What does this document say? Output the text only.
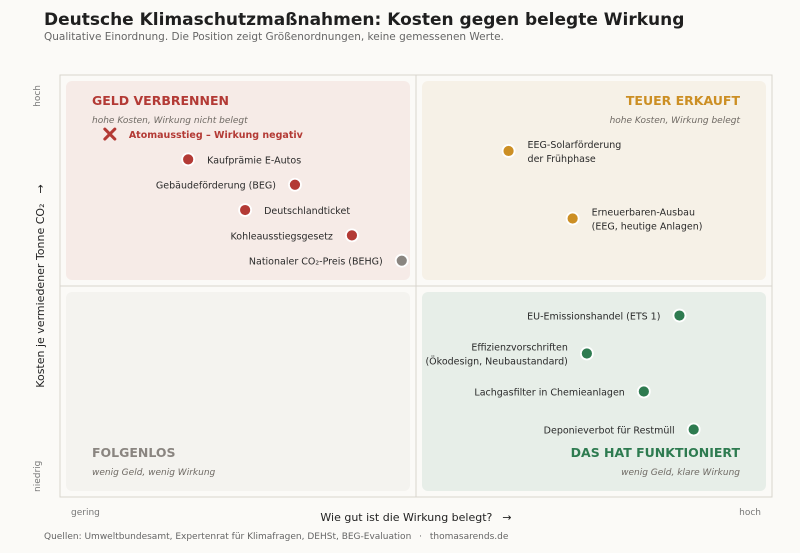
Deutsche Klimaschutzmaßnahmen: Kosten gegen belegte Wirkung
Qualitative Einordnung. Die Position zeigt Größenordnungen, keine gemessenen Werte.
GELD VERBRENNEN
hohe Kosten, Wirkung nicht belegt
TEUER ERKAUFT
hohe Kosten, Wirkung belegt
FOLGENLOS
wenig Geld, wenig Wirkung
DAS HAT FUNKTIONIERT
wenig Geld, klare Wirkung
gering	hoch
hoch
niedrig
Wie gut ist die Wirkung belegt? →
Kosten je vermiedener Tonne CO₂→
Atomausstieg – Wirkung negativ
Kaufprämie E-Autos
Gebäudeförderung (BEG)
Deutschlandticket
Kohleausstiegsgesetz
Nationaler CO₂-Preis (BEHG)
EEG-Solarförderung der Frühphase
Erneuerbaren-Ausbau (EEG, heutige Anlagen)
EU-Emissionshandel (ETS 1)
Effizienzvorschriften (Ökodesign, Neubaustandard)
Lachgasfilter in Chemieanlagen
Deponieverbot für Restmüll
Quellen: Umweltbundesamt, Expertenrat für Klimafragen, DEHSt, BEG-Evaluation · thomasarends.de
